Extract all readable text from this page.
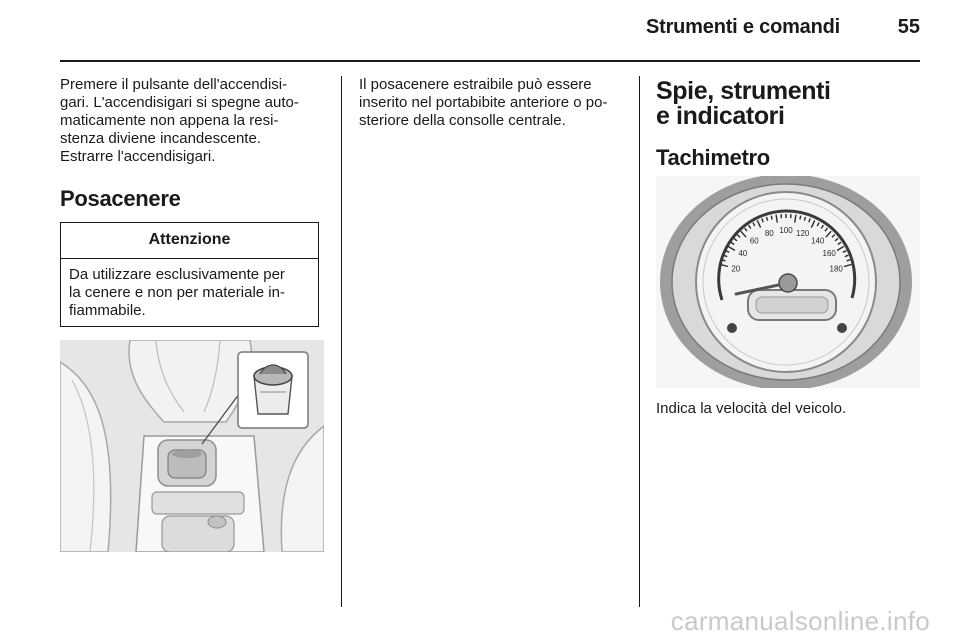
Strumenti e comandi	55

Premere il pulsante dell'accendisi-
gari. L'accendisigari si spegne auto-
maticamente non appena la resi-
stenza diviene incandescente.
Estrarre l'accendisigari.

Posacenere
Attenzione
Da utilizzare esclusivamente per
la cenere e non per materiale in-
fiammabile.

Il posacenere estraibile può essere
inserito nel portabibite anteriore o po-
steriore della consolle centrale.

Spie, strumenti
e indicatori
Tachimetro
20
40
60
80 100 120
140
160
180

Indica la velocità del veicolo.

carmanualsonline.info
